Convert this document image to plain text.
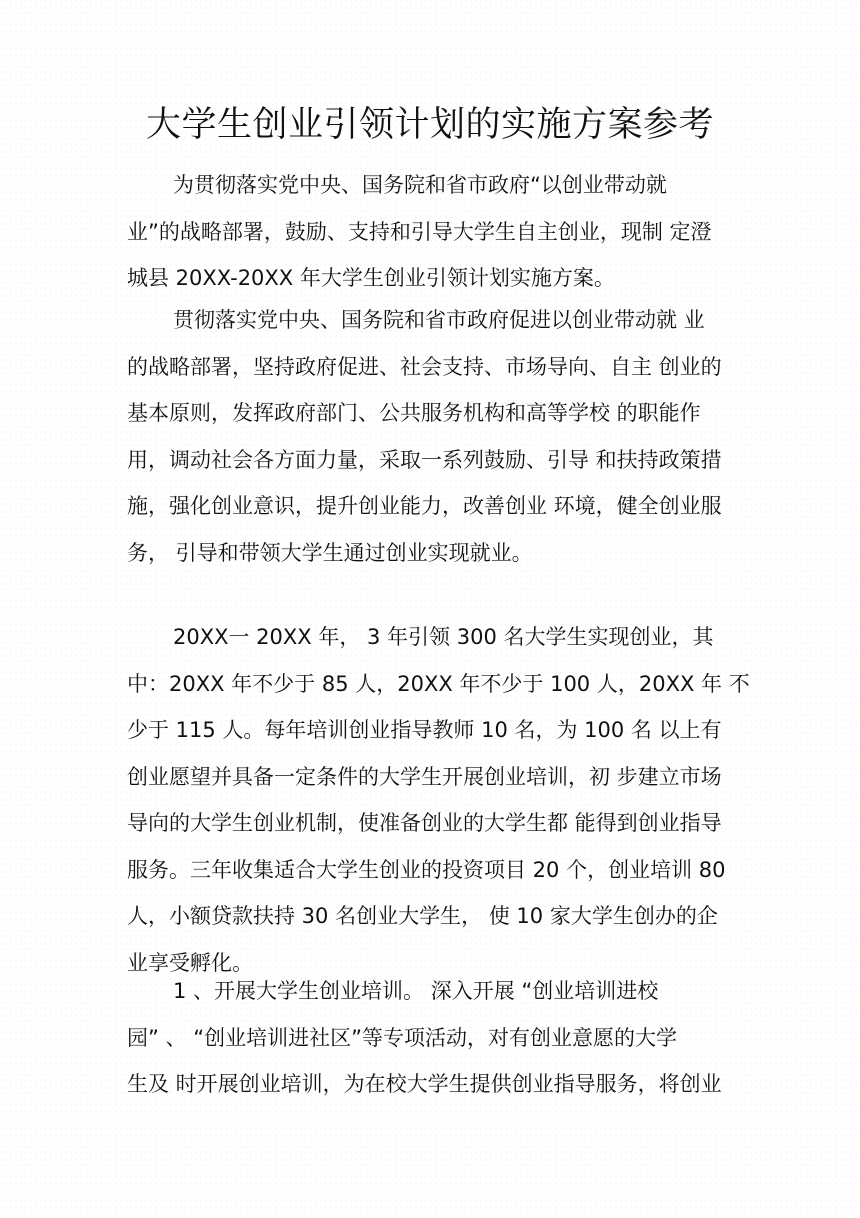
大学生创业引领计划的实施方案参考
为贯彻落实党中央、国务院和省市政府“以创业带动就
业”的战略部署，鼓励、支持和引导大学生自主创业，现制 定澄
城县 20XX-20XX 年大学生创业引领计划实施方案。
贯彻落实党中央、国务院和省市政府促进以创业带动就 业
的战略部署，坚持政府促进、社会支持、市场导向、自主 创业的
基本原则，发挥政府部门、公共服务机构和高等学校 的职能作
用，调动社会各方面力量，采取一系列鼓励、引导 和扶持政策措
施，强化创业意识，提升创业能力，改善创业 环境，健全创业服
务， 引导和带领大学生通过创业实现就业。
20XX一 20XX 年， 3 年引领 300 名大学生实现创业，其
中：20XX 年不少于 85 人，20XX 年不少于 100 人，20XX 年 不
少于 115 人。每年培训创业指导教师 10 名，为 100 名 以上有
创业愿望并具备一定条件的大学生开展创业培训，初 步建立市场
导向的大学生创业机制，使准备创业的大学生都 能得到创业指导
服务。三年收集适合大学生创业的投资项目 20 个，创业培训 80
人，小额贷款扶持 30 名创业大学生， 使 10 家大学生创办的企
业享受孵化。
1 、开展大学生创业培训。 深入开展 “创业培训进校
园” 、 “创业培训进社区”等专项活动，对有创业意愿的大学
生及 时开展创业培训，为在校大学生提供创业指导服务，将创业
